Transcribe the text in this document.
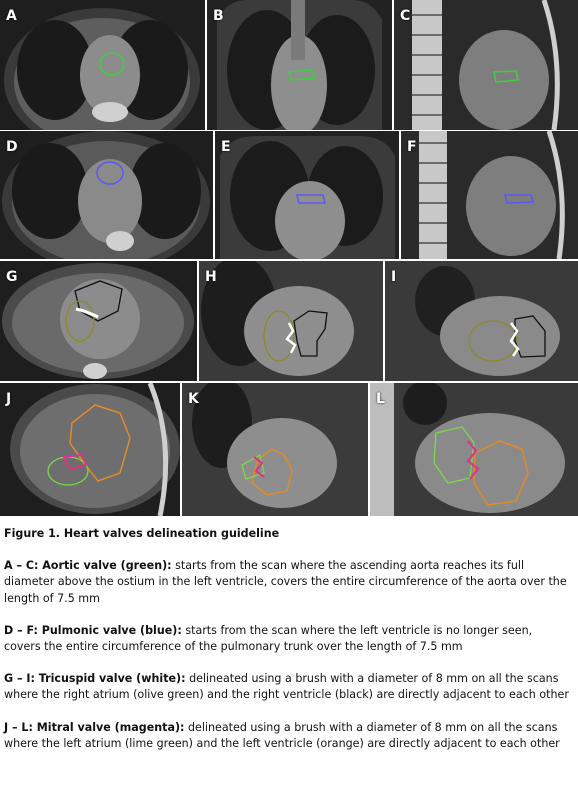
A	B	C
D	E	F
G	H	I
J	K	L
Figure 1. Heart valves delineation guideline

A – C: Aortic valve (green): starts from the scan where the ascending aorta reaches its full diameter above the ostium in the left ventricle, covers the entire circumference of the aorta over the length of 7.5 mm

D – F: Pulmonic valve (blue): starts from the scan where the left ventricle is no longer seen, covers the entire circumference of the pulmonary trunk over the length of 7.5 mm

G – I: Tricuspid valve (white): delineated using a brush with a diameter of 8 mm on all the scans where the right atrium (olive green) and the right ventricle (black) are directly adjacent to each other

J – L: Mitral valve (magenta): delineated using a brush with a diameter of 8 mm on all the scans where the left atrium (lime green) and the left ventricle (orange) are directly adjacent to each other
